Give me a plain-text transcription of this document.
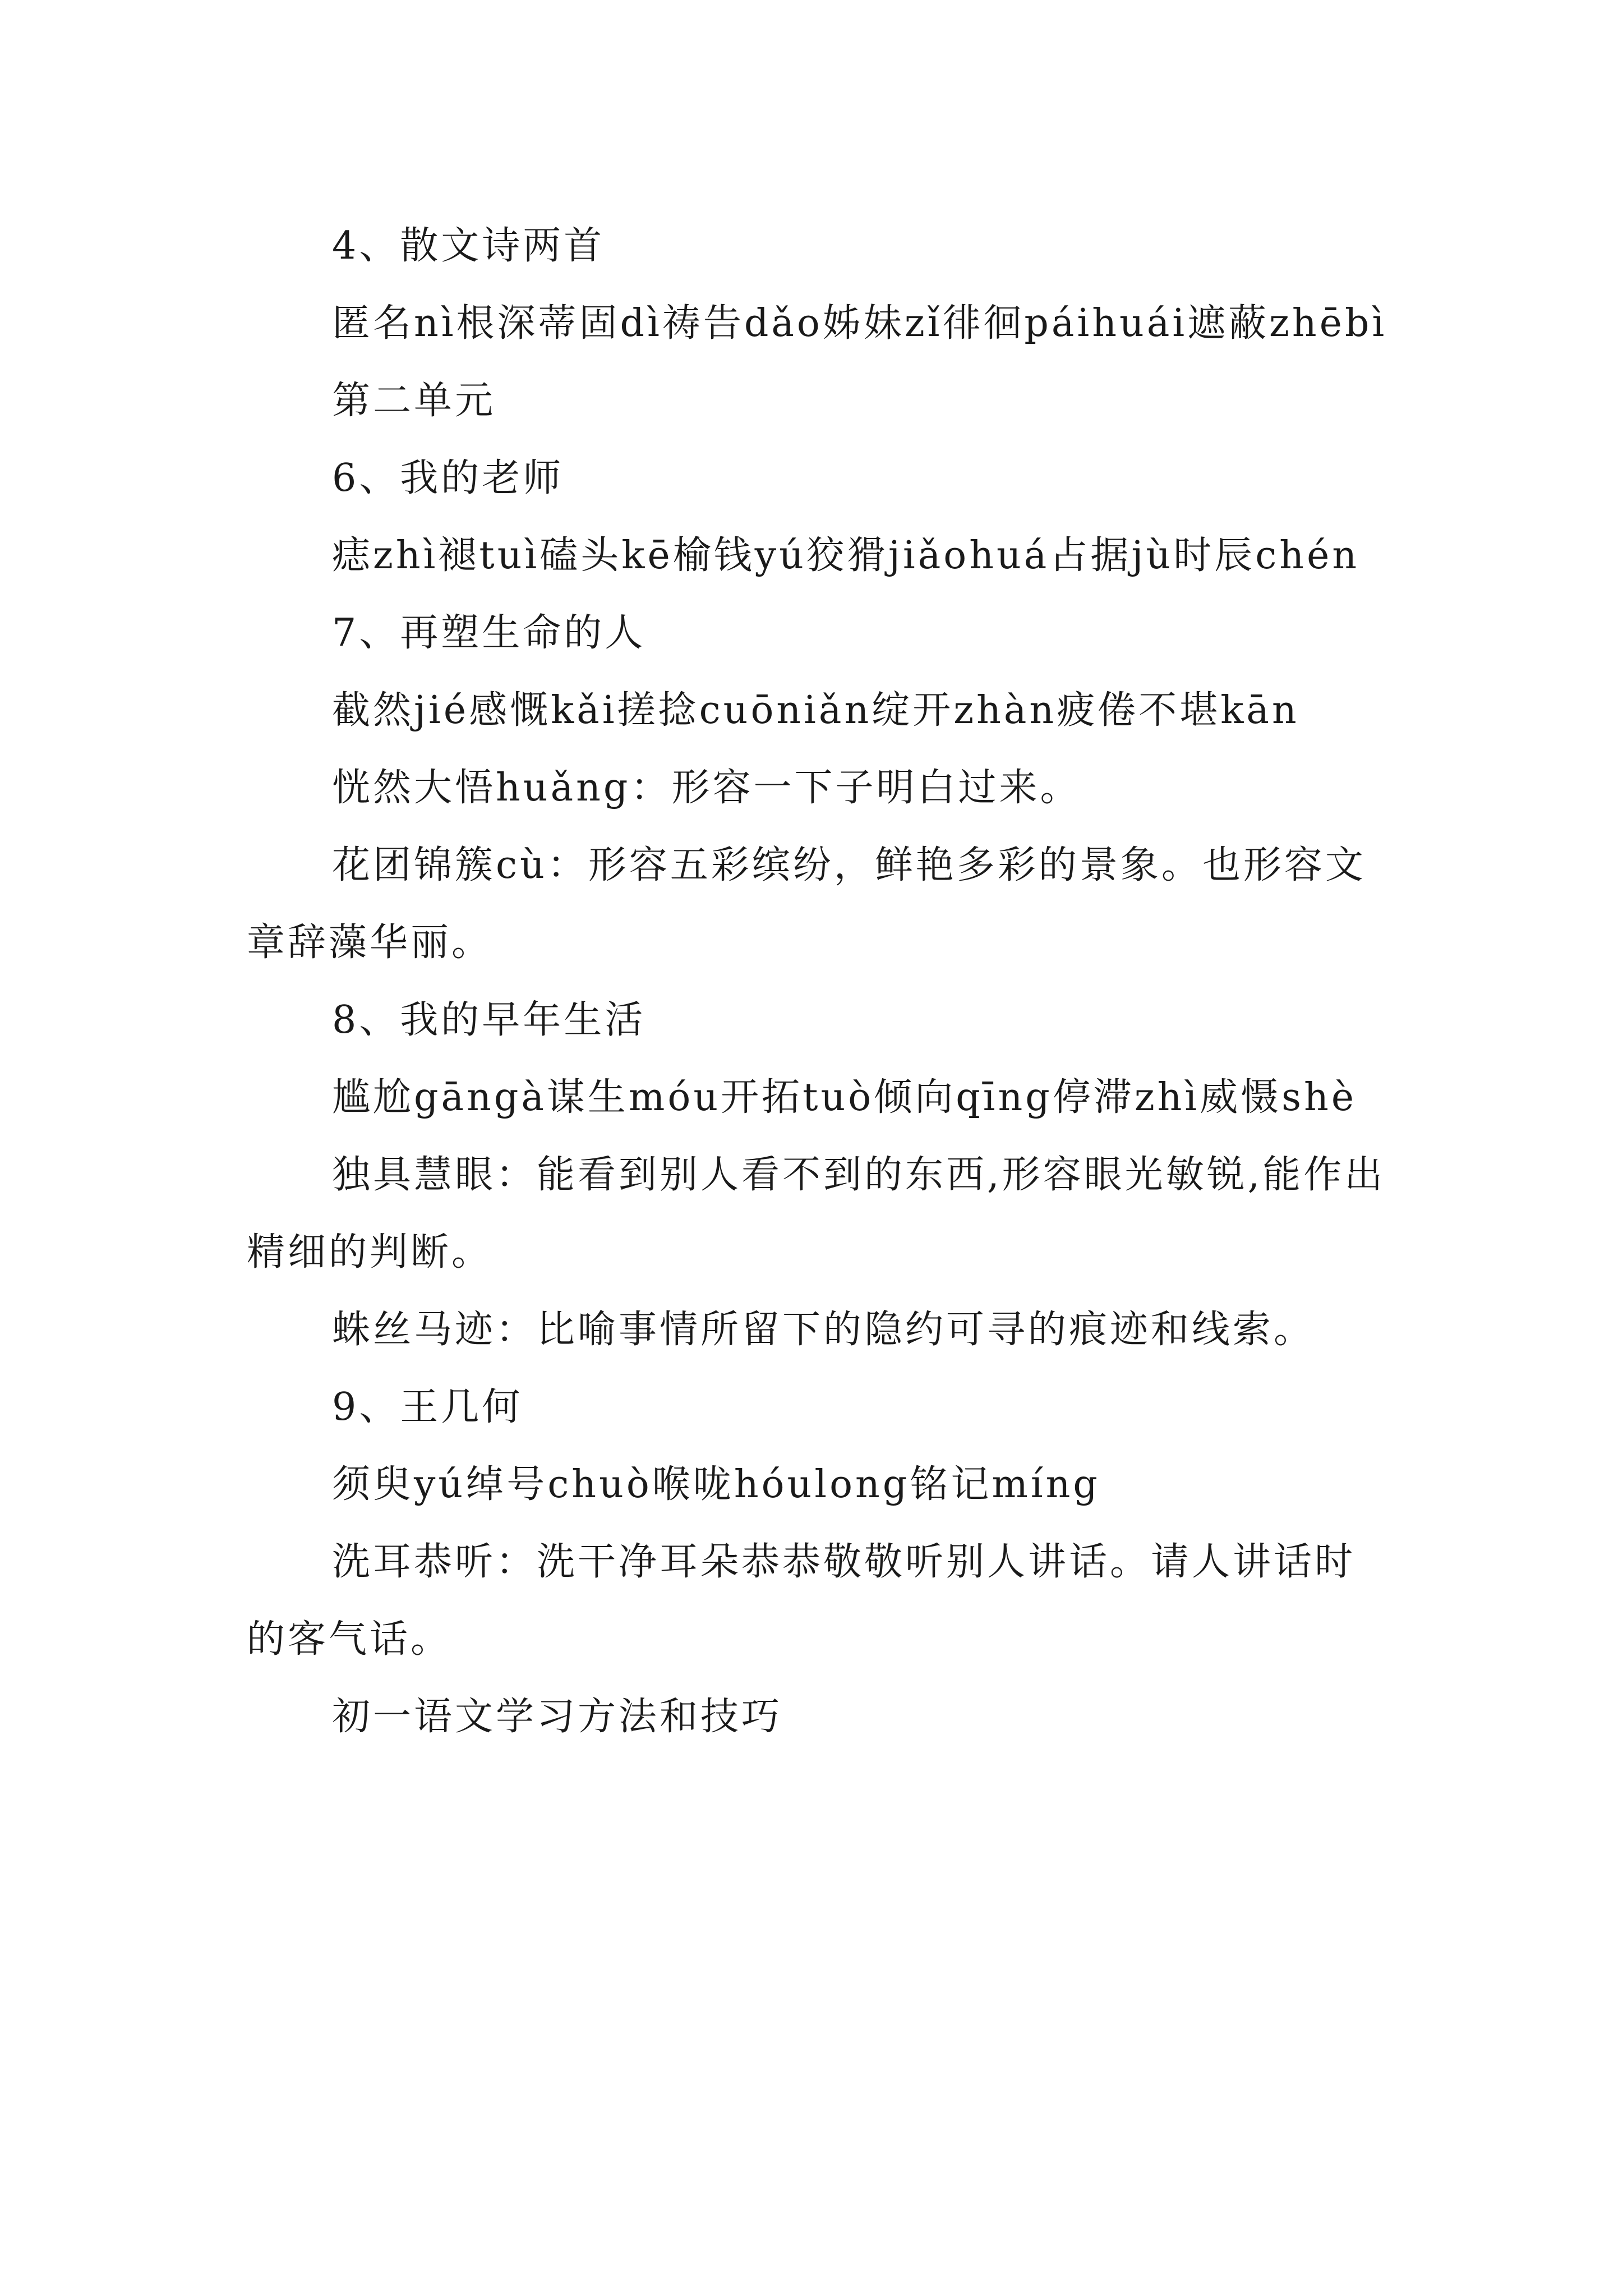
4、散文诗两首

匿名nì根深蒂固dì祷告dǎo姊妹zǐ徘徊páihuái遮蔽zhēbì

第二单元

6、我的老师

痣zhì褪tuì磕头kē榆钱yú狡猾jiǎohuá占据jù时辰chén

7、再塑生命的人

截然jié感慨kǎi搓捻cuōniǎn绽开zhàn疲倦不堪kān

恍然大悟huǎng：形容一下子明白过来。

花团锦簇cù：形容五彩缤纷，鲜艳多彩的景象。也形容文章辞藻华丽。

8、我的早年生活

尴尬gāngà谋生móu开拓tuò倾向qīng停滞zhì威慑shè

独具慧眼：能看到别人看不到的东西,形容眼光敏锐,能作出精细的判断。

蛛丝马迹：比喻事情所留下的隐约可寻的痕迹和线索。

9、王几何

须臾yú绰号chuò喉咙hóulong铭记míng

洗耳恭听：洗干净耳朵恭恭敬敬听别人讲话。请人讲话时的客气话。

初一语文学习方法和技巧
